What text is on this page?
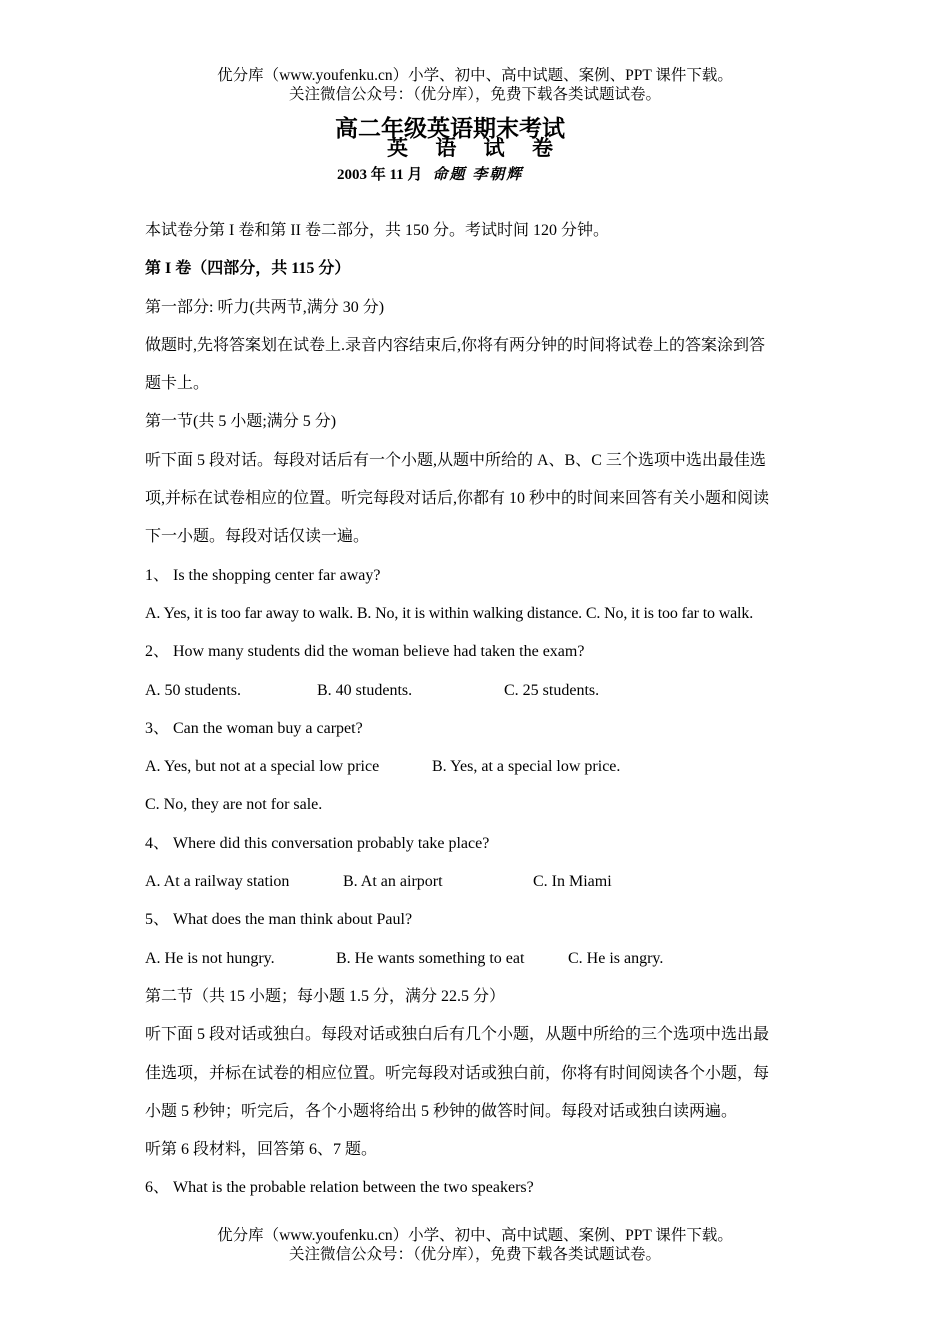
优分库（www.youfenku.cn）小学、初中、高中试题、案例、PPT 课件下载。
关注微信公众号：（优分库），免费下载各类试题试卷。
高二年级英语期末考试
英 语 试 卷
2003 年 11 月 命题 李朝辉
本试卷分第 I 卷和第 II 卷二部分，共 150 分。考试时间 120 分钟。
第 I 卷（四部分，共 115 分）
第一部分: 听力(共两节,满分 30 分)
做题时,先将答案划在试卷上.录音内容结束后,你将有两分钟的时间将试卷上的答案涂到答
题卡上。
第一节(共 5 小题;满分 5 分)
听下面 5 段对话。每段对话后有一个小题,从题中所给的 A、B、C 三个选项中选出最佳选
项,并标在试卷相应的位置。听完每段对话后,你都有 10 秒中的时间来回答有关小题和阅读
下一小题。每段对话仅读一遍。
1、 Is the shopping center far away?
A. Yes, it is too far away to walk. B. No, it is within walking distance. C. No, it is too far to walk.
2、 How many students did the woman believe had taken the exam?
A. 50 students.	B. 40 students.	C. 25 students.
3、 Can the woman buy a carpet?
A. Yes, but not at a special low price	B. Yes, at a special low price.
C. No, they are not for sale.
4、 Where did this conversation probably take place?
A. At a railway station	B. At an airport	C. In Miami
5、 What does the man think about Paul?
A. He is not hungry.	B. He wants something to eat	C. He is angry.
第二节（共 15 小题；每小题 1.5 分，满分 22.5 分）
听下面 5 段对话或独白。每段对话或独白后有几个小题，从题中所给的三个选项中选出最
佳选项，并标在试卷的相应位置。听完每段对话或独白前，你将有时间阅读各个小题，每
小题 5 秒钟；听完后，各个小题将给出 5 秒钟的做答时间。每段对话或独白读两遍。
听第 6 段材料，回答第 6、7 题。
6、 What is the probable relation between the two speakers?
优分库（www.youfenku.cn）小学、初中、高中试题、案例、PPT 课件下载。
关注微信公众号：（优分库），免费下载各类试题试卷。
